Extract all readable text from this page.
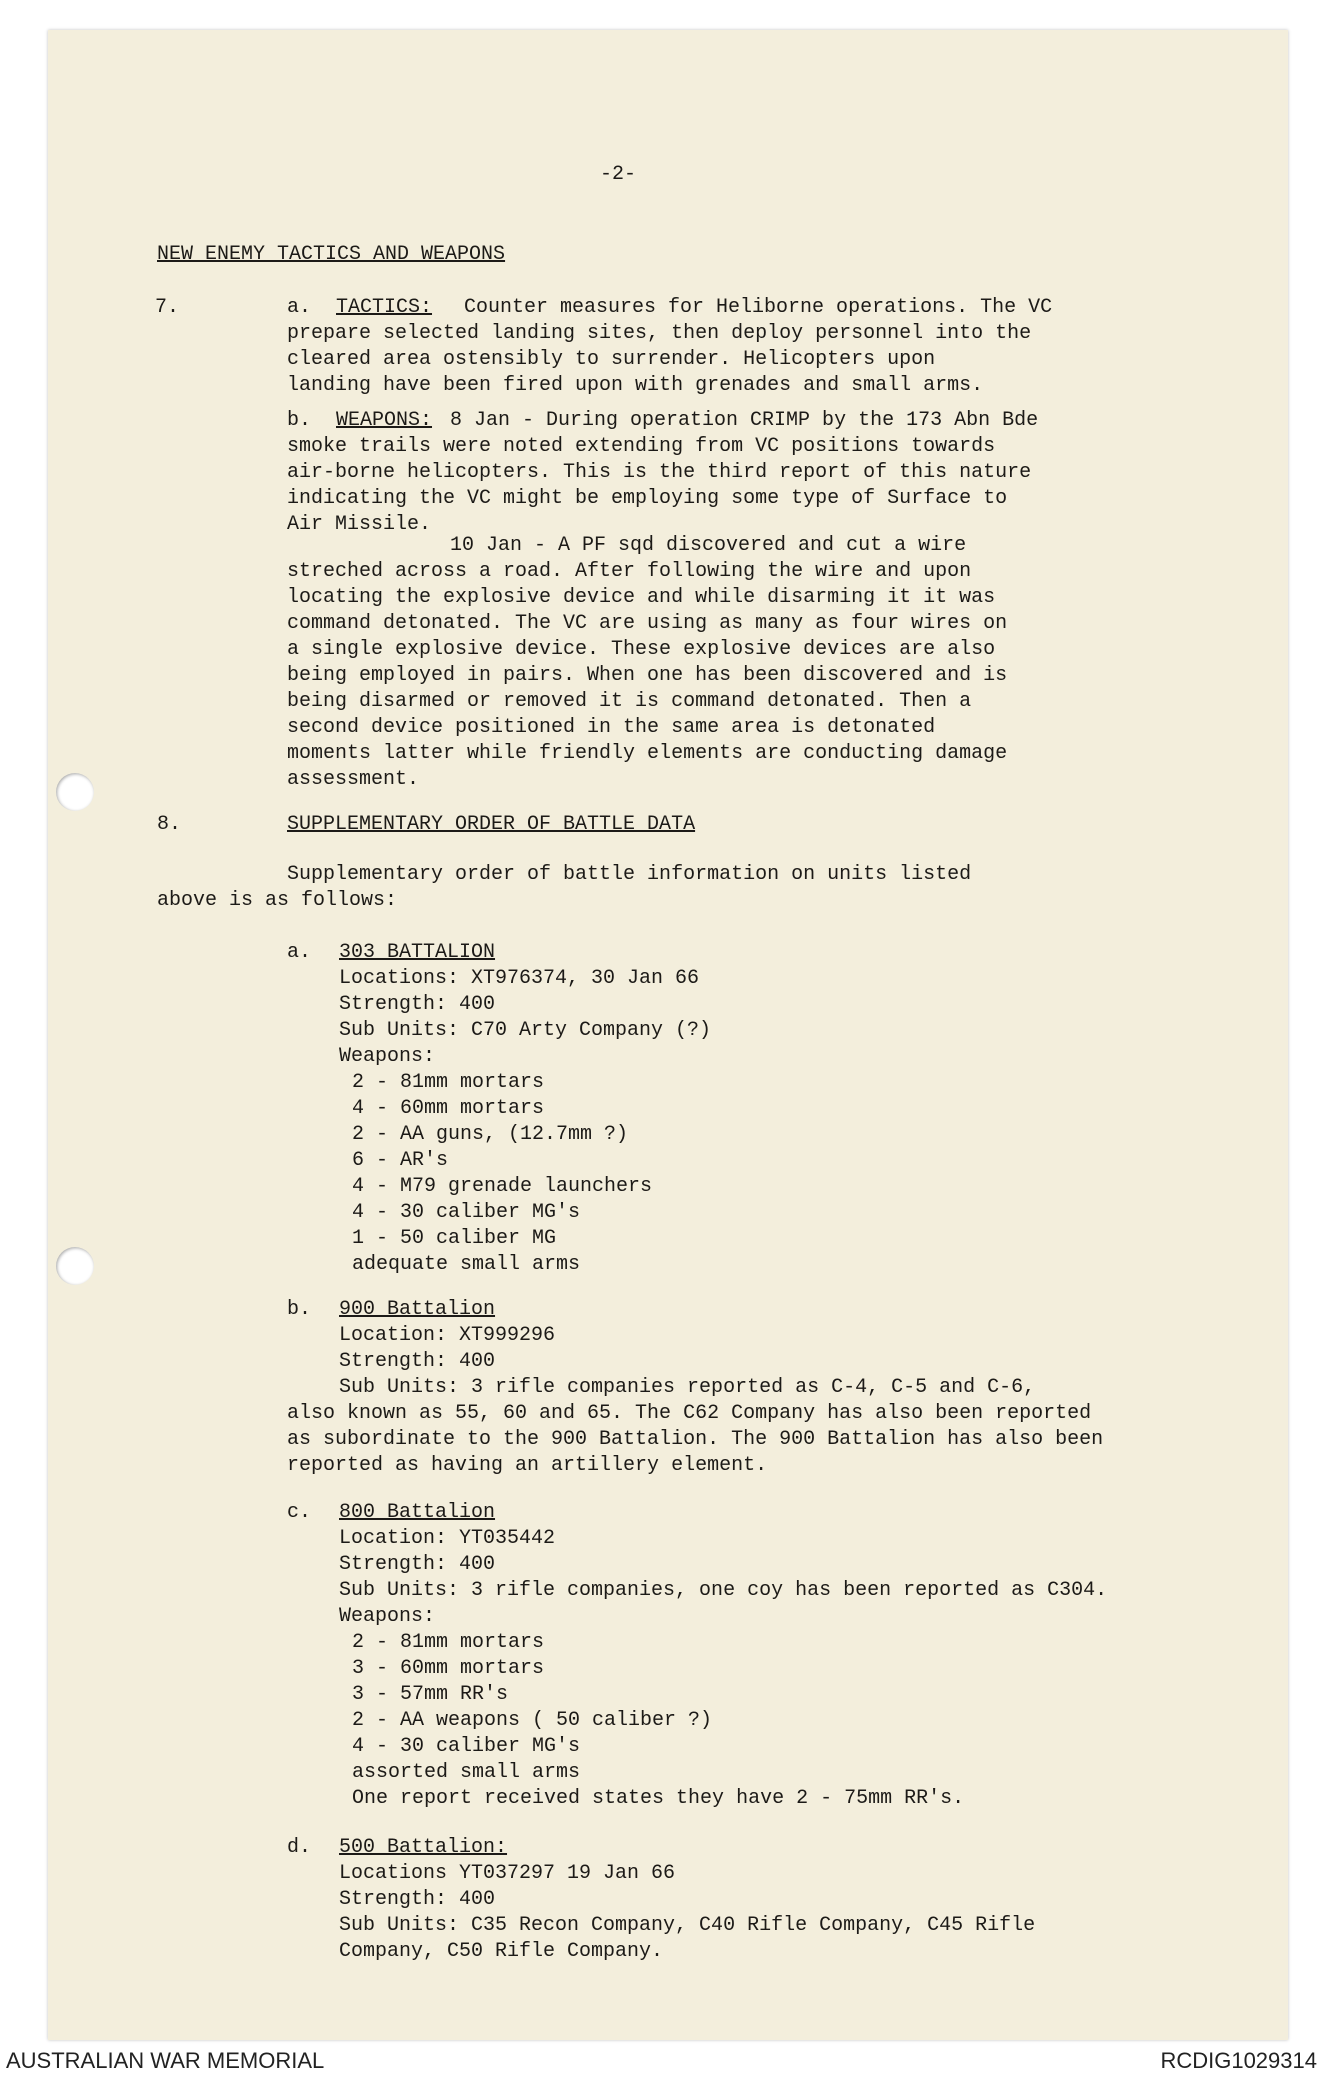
-2-
NEW ENEMY TACTICS AND WEAPONS
7.	a. TACTICS: Counter measures for Heliborne operations. The VC
prepare selected landing sites, then deploy personnel into the
cleared area ostensibly to surrender. Helicopters upon
landing have been fired upon with grenades and small arms.
b. WEAPONS: 8 Jan - During operation CRIMP by the 173 Abn Bde
smoke trails were noted extending from VC positions towards
air-borne helicopters. This is the third report of this nature
indicating the VC might be employing some type of Surface to
Air Missile.
10 Jan - A PF sqd discovered and cut a wire
streched across a road. After following the wire and upon
locating the explosive device and while disarming it it was
command detonated. The VC are using as many as four wires on
a single explosive device. These explosive devices are also
being employed in pairs. When one has been discovered and is
being disarmed or removed it is command detonated. Then a
second device positioned in the same area is detonated
moments latter while friendly elements are conducting damage
assessment.
8.	SUPPLEMENTARY ORDER OF BATTLE DATA
Supplementary order of battle information on units listed
above is as follows:
a. 303 BATTALION
Locations: XT976374, 30 Jan 66
Strength: 400
Sub Units: C70 Arty Company (?)
Weapons:
2 - 81mm mortars
4 - 60mm mortars
2 - AA guns, (12.7mm ?)
6 - AR's
4 - M79 grenade launchers
4 - 30 caliber MG's
1 - 50 caliber MG
adequate small arms
b. 900 Battalion
Location: XT999296
Strength: 400
Sub Units: 3 rifle companies reported as C-4, C-5 and C-6,
also known as 55, 60 and 65. The C62 Company has also been reported
as subordinate to the 900 Battalion. The 900 Battalion has also been
reported as having an artillery element.
c. 800 Battalion
Location: YT035442
Strength: 400
Sub Units: 3 rifle companies, one coy has been reported as C304.
Weapons:
2 - 81mm mortars
3 - 60mm mortars
3 - 57mm RR's
2 - AA weapons ( 50 caliber ?)
4 - 30 caliber MG's
assorted small arms
One report received states they have 2 - 75mm RR's.
d. 500 Battalion:
Locations YT037297 19 Jan 66
Strength: 400
Sub Units: C35 Recon Company, C40 Rifle Company, C45 Rifle
Company, C50 Rifle Company.
AUSTRALIAN WAR MEMORIAL	RCDIG1029314
